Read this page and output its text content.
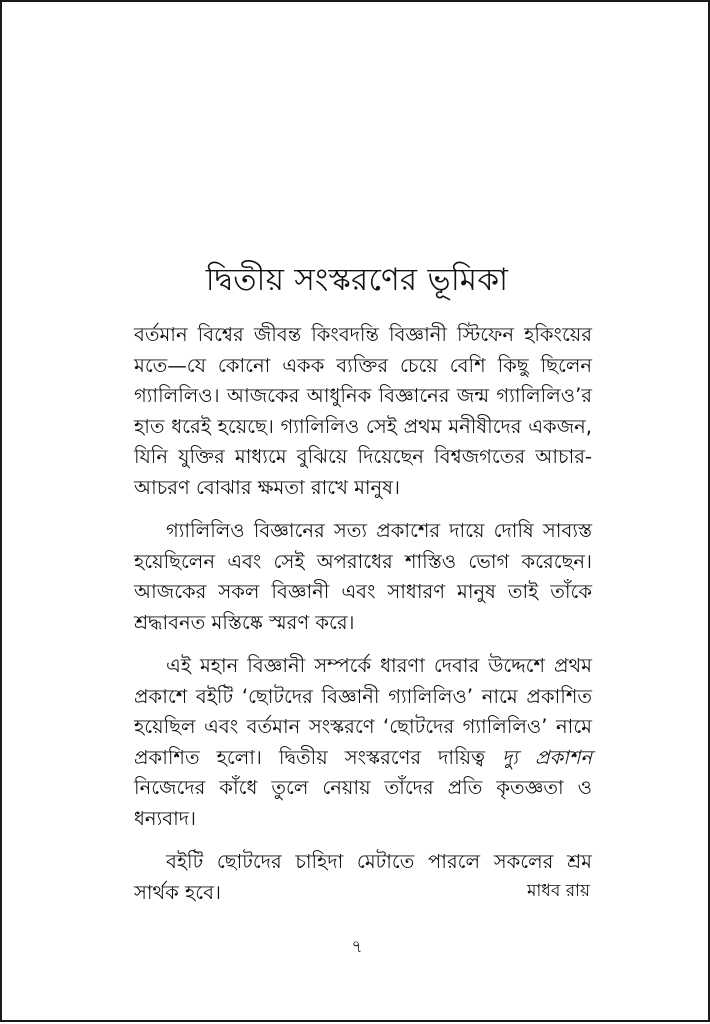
দ্বিতীয় সংস্করণের ভূমিকা

বর্তমান বিশ্বের জীবন্ত কিংবদন্তি বিজ্ঞানী স্টিফেন হকিংয়ের মতে—যে কোনো একক ব্যক্তির চেয়ে বেশি কিছু ছিলেন গ্যালিলিও। আজকের আধুনিক বিজ্ঞানের জন্ম গ্যালিলিও’র হাত ধরেই হয়েছে। গ্যালিলিও সেই প্রথম মনীষীদের একজন, যিনি যুক্তির মাধ্যমে বুঝিয়ে দিয়েছেন বিশ্বজগতের আচার-আচরণ বোঝার ক্ষমতা রাখে মানুষ।

গ্যালিলিও বিজ্ঞানের সত্য প্রকাশের দায়ে দোষি সাব্যস্ত হয়েছিলেন এবং সেই অপরাধের শাস্তিও ভোগ করেছেন। আজকের সকল বিজ্ঞানী এবং সাধারণ মানুষ তাই তাঁকে শ্রদ্ধাবনত মস্তিষ্কে স্মরণ করে।

এই মহান বিজ্ঞানী সম্পর্কে ধারণা দেবার উদ্দেশে প্রথম প্রকাশে বইটি ‘ছোটদের বিজ্ঞানী গ্যালিলিও’ নামে প্রকাশিত হয়েছিল এবং বর্তমান সংস্করণে ‘ছোটদের গ্যালিলিও’ নামে প্রকাশিত হলো। দ্বিতীয় সংস্করণের দায়িত্ব দ্যু প্রকাশন নিজেদের কাঁধে তুলে নেয়ায় তাঁদের প্রতি কৃতজ্ঞতা ও ধন্যবাদ।

বইটি ছোটদের চাহিদা মেটাতে পারলে সকলের শ্রম সার্থক হবে।	মাধব রায়

৭
